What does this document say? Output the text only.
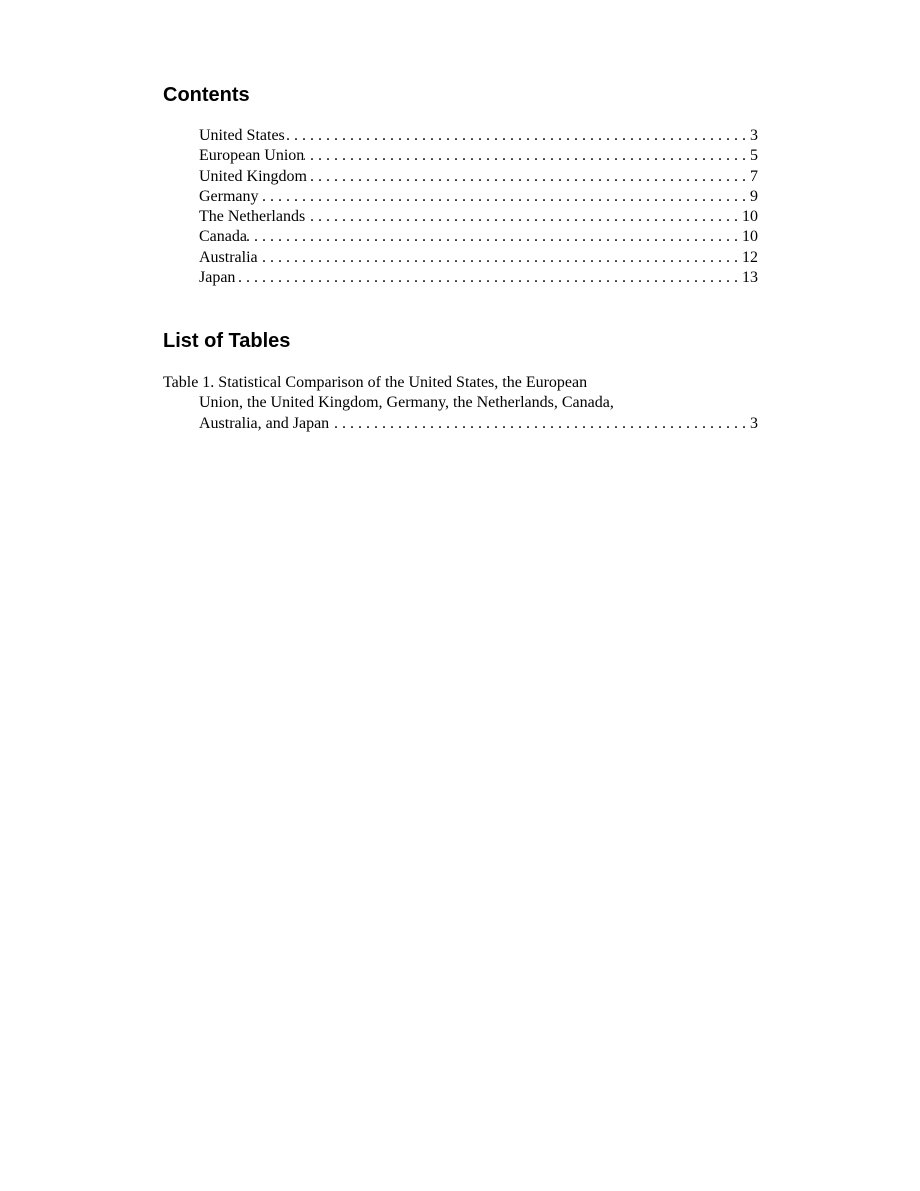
Contents
United States . . .	3
European Union . . .	5
United Kingdom . . .	7
Germany . . .	9
The Netherlands . . .	10
Canada . . .	10
Australia . . .	12
Japan . . .	13
List of Tables
Table 1. Statistical Comparison of the United States, the European
Union, the United Kingdom, Germany, the Netherlands, Canada,
Australia, and Japan . . .	3
